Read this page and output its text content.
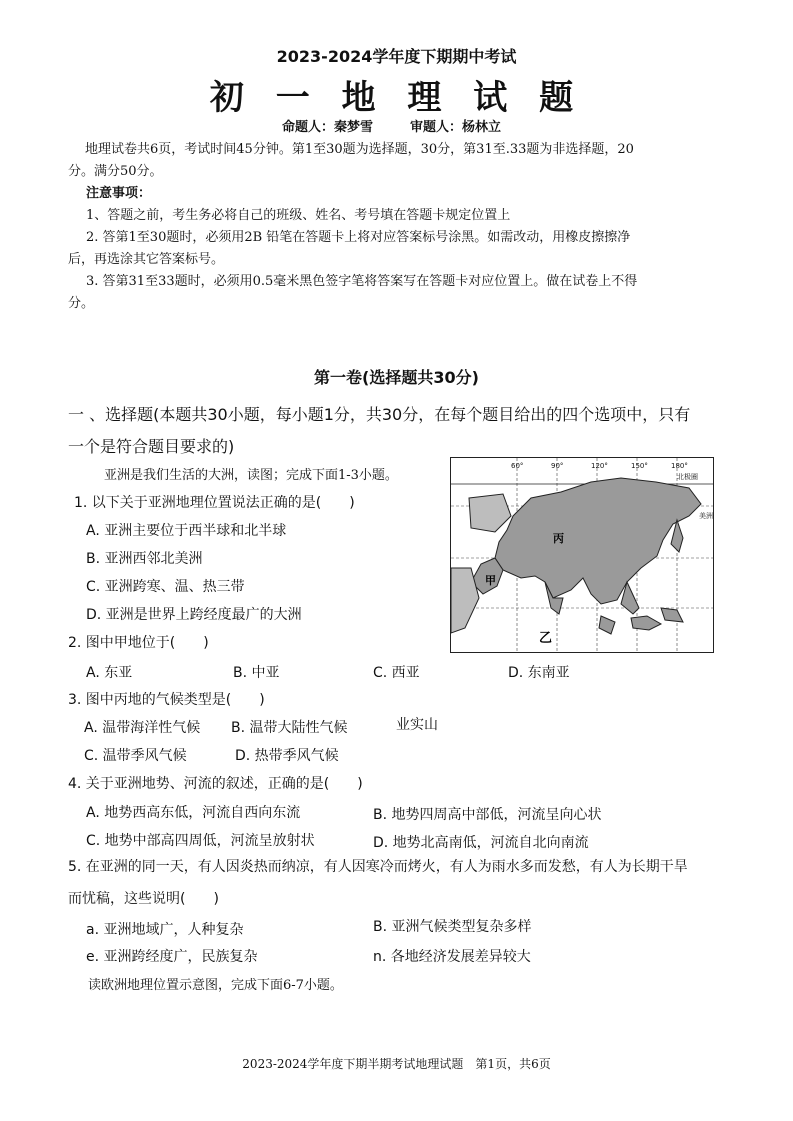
2023-2024学年度下期期中考试
初 一 地 理 试 题
命题人：秦梦雪	审题人：杨林立
地理试卷共6页，考试时间45分钟。第1至30题为选择题，30分，第31至.33题为非选择题，20
分。满分50分。
注意事项：
1、答题之前，考生务必将自己的班级、姓名、考号填在答题卡规定位置上
2. 答第1至30题时，必须用2B 铅笔在答题卡上将对应答案标号涂黑。如需改动，用橡皮擦擦净
后，再选涂其它答案标号。
3. 答第31至33题时，必须用0.5毫米黑色签字笔将答案写在答题卡对应位置上。做在试卷上不得
分。
第一卷(选择题共30分)
一 、选择题(本题共30小题，每小题1分，共30分，在每个题目给出的四个选项中，只有
一个是符合题目要求的)
亚洲是我们生活的大洲，读图；完成下面1-3小题。
1. 以下关于亚洲地理位置说法正确的是(　　)
A. 亚洲主要位于西半球和北半球
B. 亚洲西邻北美洲
C. 亚洲跨寒、温、热三带
D. 亚洲是世界上跨经度最广的大洲
60°	90°	120°	150°	180°
北极圈
美洲
丙
甲
乙
2. 图中甲地位于(　　)
A. 东亚	B. 中亚	C. 西亚	D. 东南亚
3. 图中丙地的气候类型是(　　)
A. 温带海洋性气候 B. 温带大陆性气候	业实山
C. 温带季风气候	D. 热带季风气候
4. 关于亚洲地势、河流的叙述，正确的是(　　)
A. 地势西高东低，河流自西向东流	B. 地势四周高中部低，河流呈向心状
C. 地势中部高四周低，河流呈放射状	D. 地势北高南低，河流自北向南流
5. 在亚洲的同一天，有人因炎热而纳凉，有人因寒冷而烤火，有人为雨水多而发愁，有人为长期干旱
而忧稿，这些说明(　　)
a. 亚洲地域广，人种复杂	B. 亚洲气候类型复杂多样
e. 亚洲跨经度广，民族复杂	n. 各地经济发展差异较大
读欧洲地理位置示意图，完成下面6-7小题。
2023-2024学年度下期半期考试地理试题　第1页，共6页
